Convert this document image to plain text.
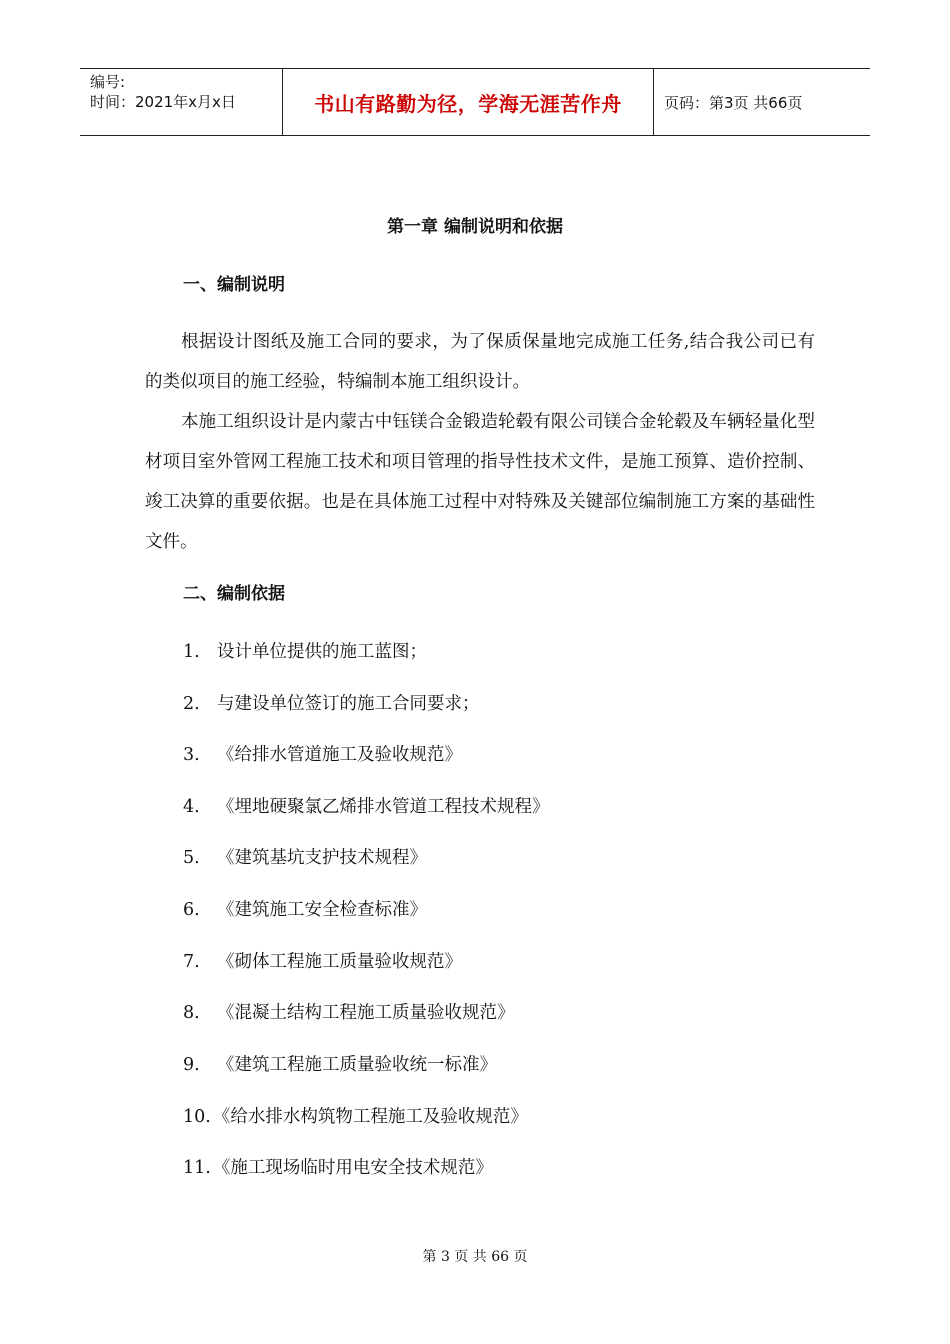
编号:
时间：2021年x月x日	书山有路勤为径，学海无涯苦作舟	页码：第3页 共66页
第一章 编制说明和依据
一、编制说明
根据设计图纸及施工合同的要求，为了保质保量地完成施工任务,结合我公司已有的类似项目的施工经验，特编制本施工组织设计。
本施工组织设计是内蒙古中钰镁合金锻造轮毂有限公司镁合金轮毂及车辆轻量化型材项目室外管网工程施工技术和项目管理的指导性技术文件，是施工预算、造价控制、竣工决算的重要依据。也是在具体施工过程中对特殊及关键部位编制施工方案的基础性文件。
二、编制依据
1. 设计单位提供的施工蓝图；
2. 与建设单位签订的施工合同要求；
3. 《给排水管道施工及验收规范》
4. 《埋地硬聚氯乙烯排水管道工程技术规程》
5. 《建筑基坑支护技术规程》
6. 《建筑施工安全检查标准》
7. 《砌体工程施工质量验收规范》
8. 《混凝土结构工程施工质量验收规范》
9. 《建筑工程施工质量验收统一标准》
10. 《给水排水构筑物工程施工及验收规范》
11. 《施工现场临时用电安全技术规范》
第 3 页 共 66 页
